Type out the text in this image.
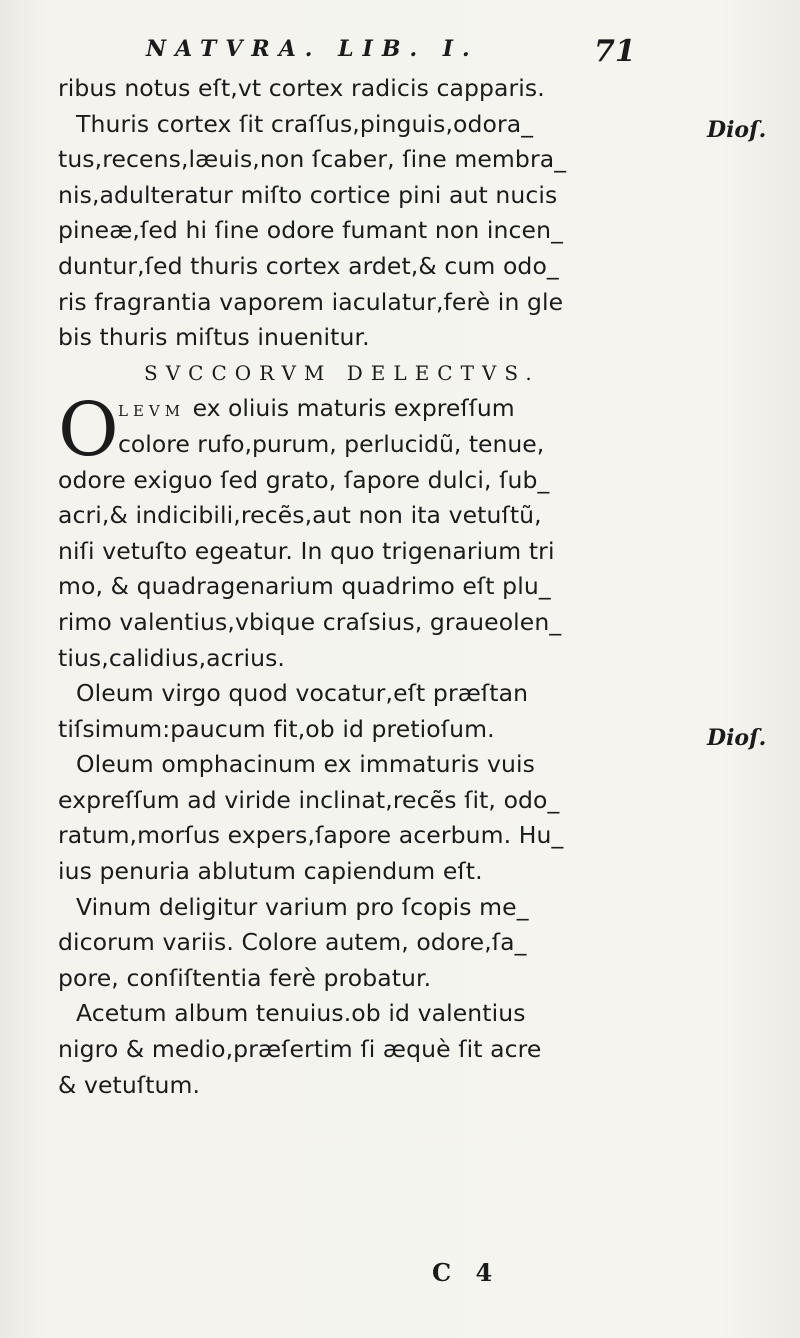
NATVRA. LIB. I.	71
ribus notus eſt,vt cortex radicis capparis.
Thuris cortex ſit craſſus,pinguis,odora_
tus,recens,læuis,non ſcaber, ſine membra_
nis,adulteratur miſto cortice pini aut nucis
pineæ,ſed hi ſine odore fumant non incen_
duntur,ſed thuris cortex ardet,& cum odo_
ris fragrantia vaporem iaculatur,ferè in gle
bis thuris miſtus inuenitur.
SVCCORVM DELECTVS.
O LEVM ex oliuis maturis expreſſum
colore rufo,purum, perlucidũ, tenue,
odore exiguo ſed grato, ſapore dulci, ſub_
acri,& indicibili,recẽs,aut non ita vetuſtũ,
niſi vetuſto egeatur. In quo trigenarium tri
mo, & quadragenarium quadrimo eſt plu_
rimo valentius,vbique craſsius, graueolen_
tius,calidius,acrius.
Oleum virgo quod vocatur,eſt præſtan
tiſsimum:paucum fit,ob id pretioſum.
Oleum omphacinum ex immaturis vuis
expreſſum ad viride inclinat,recẽs ſit, odo_
ratum,morſus expers,ſapore acerbum. Hu_
ius penuria ablutum capiendum eſt.
Vinum deligitur varium pro ſcopis me_
dicorum variis. Colore autem, odore,ſa_
pore, conſiſtentia ferè probatur.
Acetum album tenuius.ob id valentius
nigro & medio,præſertim ſi æquè ſit acre
& vetuſtum.
Dioſ.
Dioſ.
C 4
